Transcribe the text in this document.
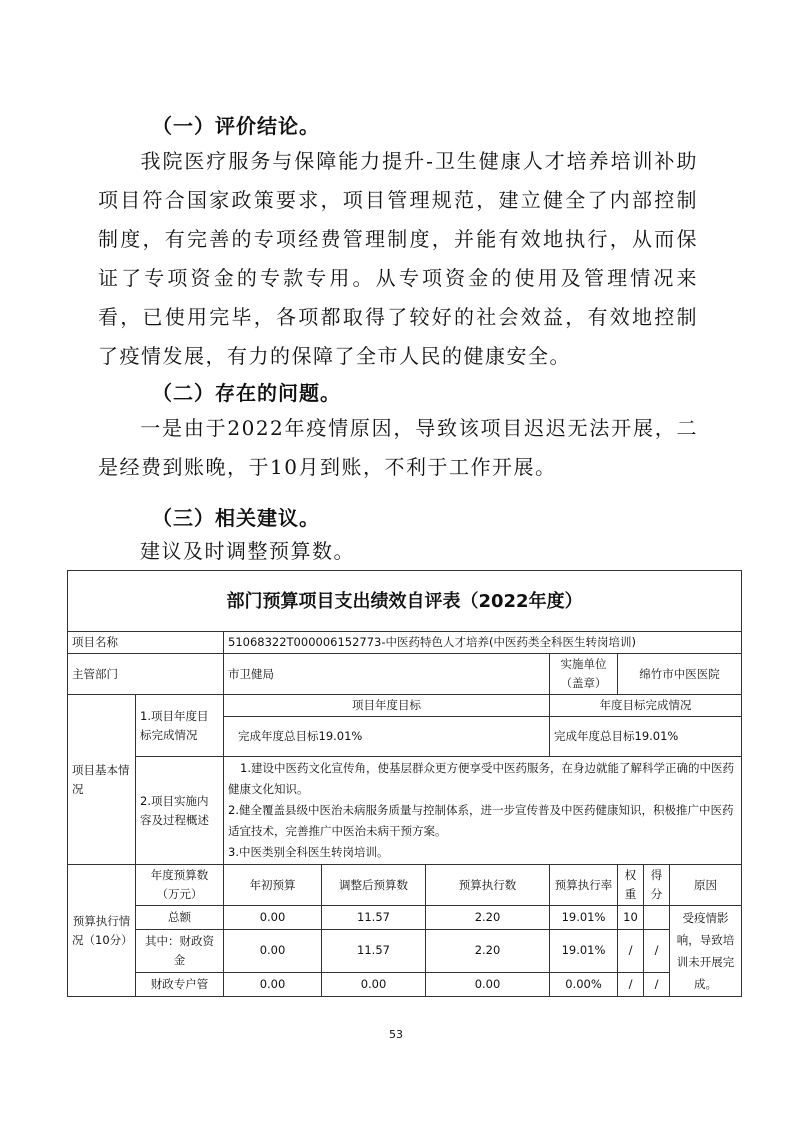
（一）评价结论。

我院医疗服务与保障能力提升-卫生健康人才培养培训补助项目符合国家政策要求，项目管理规范，建立健全了内部控制制度，有完善的专项经费管理制度，并能有效地执行，从而保证了专项资金的专款专用。从专项资金的使用及管理情况来看，已使用完毕，各项都取得了较好的社会效益，有效地控制了疫情发展，有力的保障了全市人民的健康安全。

（二）存在的问题。

一是由于2022年疫情原因，导致该项目迟迟无法开展，二是经费到账晚，于10月到账，不利于工作开展。

（三）相关建议。

建议及时调整预算数。

部门预算项目支出绩效自评表（2022年度）								
项目名称		51068322T000006152773-中医药特色人才培养(中医药类全科医生转岗培训)						
主管部门		市卫健局			实施单位（盖章）	绵竹市中医医院		
项目基本情况	1.项目年度目标完成情况	项目年度目标			年度目标完成情况			
		完成年度总目标19.01%			完成年度总目标19.01%			
	2.项目实施内容及过程概述	1.建设中医药文化宣传角，使基层群众更方便享受中医药服务，在身边就能了解科学正确的中医药健康文化知识。
2.健全覆盖县级中医治未病服务质量与控制体系，进一步宣传普及中医药健康知识，积极推广中医药适宜技术，完善推广中医治未病干预方案。
3.中医类别全科医生转岗培训。						

预算执行情况（10分）	年度预算数（万元）	年初预算	调整后预算数	预算执行数	预算执行率	权重	得分	原因
	总额	0.00	11.57	2.20	19.01%	10		受疫情影响，导致培训未开展完成。
	其中：财政资金	0.00	11.57	2.20	19.01%	/	/	
	财政专户管	0.00	0.00	0.00	0.00%	/	/	
53
